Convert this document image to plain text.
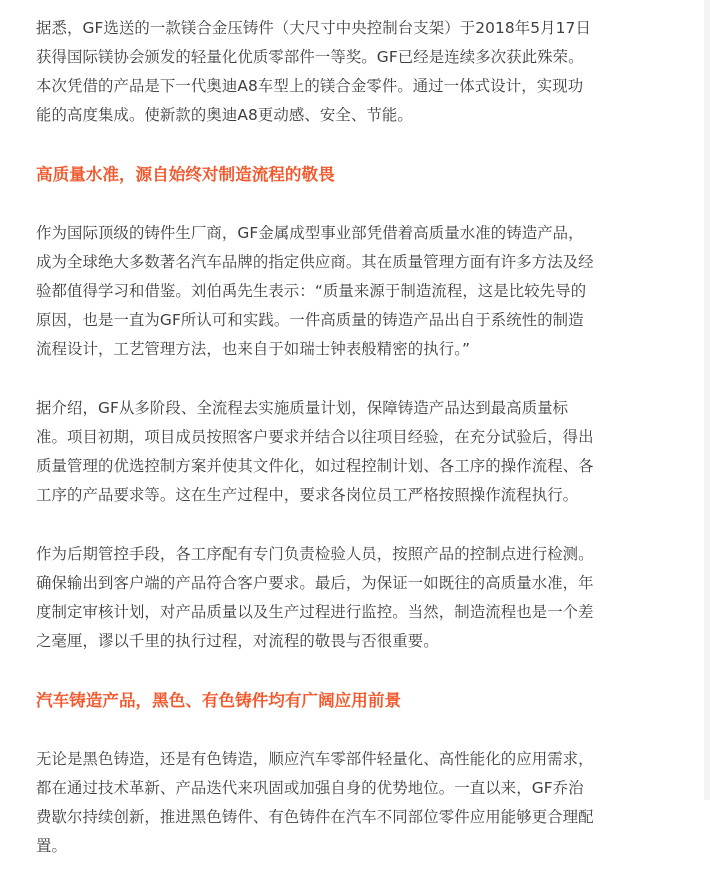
据悉，GF选送的一款镁合金压铸件（大尺寸中央控制台支架）于2018年5月17日
获得国际镁协会颁发的轻量化优质零部件一等奖。GF已经是连续多次获此殊荣。
本次凭借的产品是下一代奥迪A8车型上的镁合金零件。通过一体式设计，实现功
能的高度集成。使新款的奥迪A8更动感、安全、节能。

高质量水准，源自始终对制造流程的敬畏

作为国际顶级的铸件生厂商，GF金属成型事业部凭借着高质量水准的铸造产品，
成为全球绝大多数著名汽车品牌的指定供应商。其在质量管理方面有许多方法及经
验都值得学习和借鉴。刘伯禹先生表示：“质量来源于制造流程，这是比较先导的
原因，也是一直为GF所认可和实践。一件高质量的铸造产品出自于系统性的制造
流程设计，工艺管理方法，也来自于如瑞士钟表般精密的执行。”

据介绍，GF从多阶段、全流程去实施质量计划，保障铸造产品达到最高质量标
准。项目初期，项目成员按照客户要求并结合以往项目经验，在充分试验后，得出
质量管理的优选控制方案并使其文件化，如过程控制计划、各工序的操作流程、各
工序的产品要求等。这在生产过程中，要求各岗位员工严格按照操作流程执行。

作为后期管控手段，各工序配有专门负责检验人员，按照产品的控制点进行检测。
确保输出到客户端的产品符合客户要求。最后，为保证一如既往的高质量水准，年
度制定审核计划，对产品质量以及生产过程进行监控。当然，制造流程也是一个差
之毫厘，谬以千里的执行过程，对流程的敬畏与否很重要。

汽车铸造产品，黑色、有色铸件均有广阔应用前景

无论是黑色铸造，还是有色铸造，顺应汽车零部件轻量化、高性能化的应用需求，
都在通过技术革新、产品迭代来巩固或加强自身的优势地位。一直以来，GF乔治
费歇尔持续创新，推进黑色铸件、有色铸件在汽车不同部位零件应用能够更合理配
置。
